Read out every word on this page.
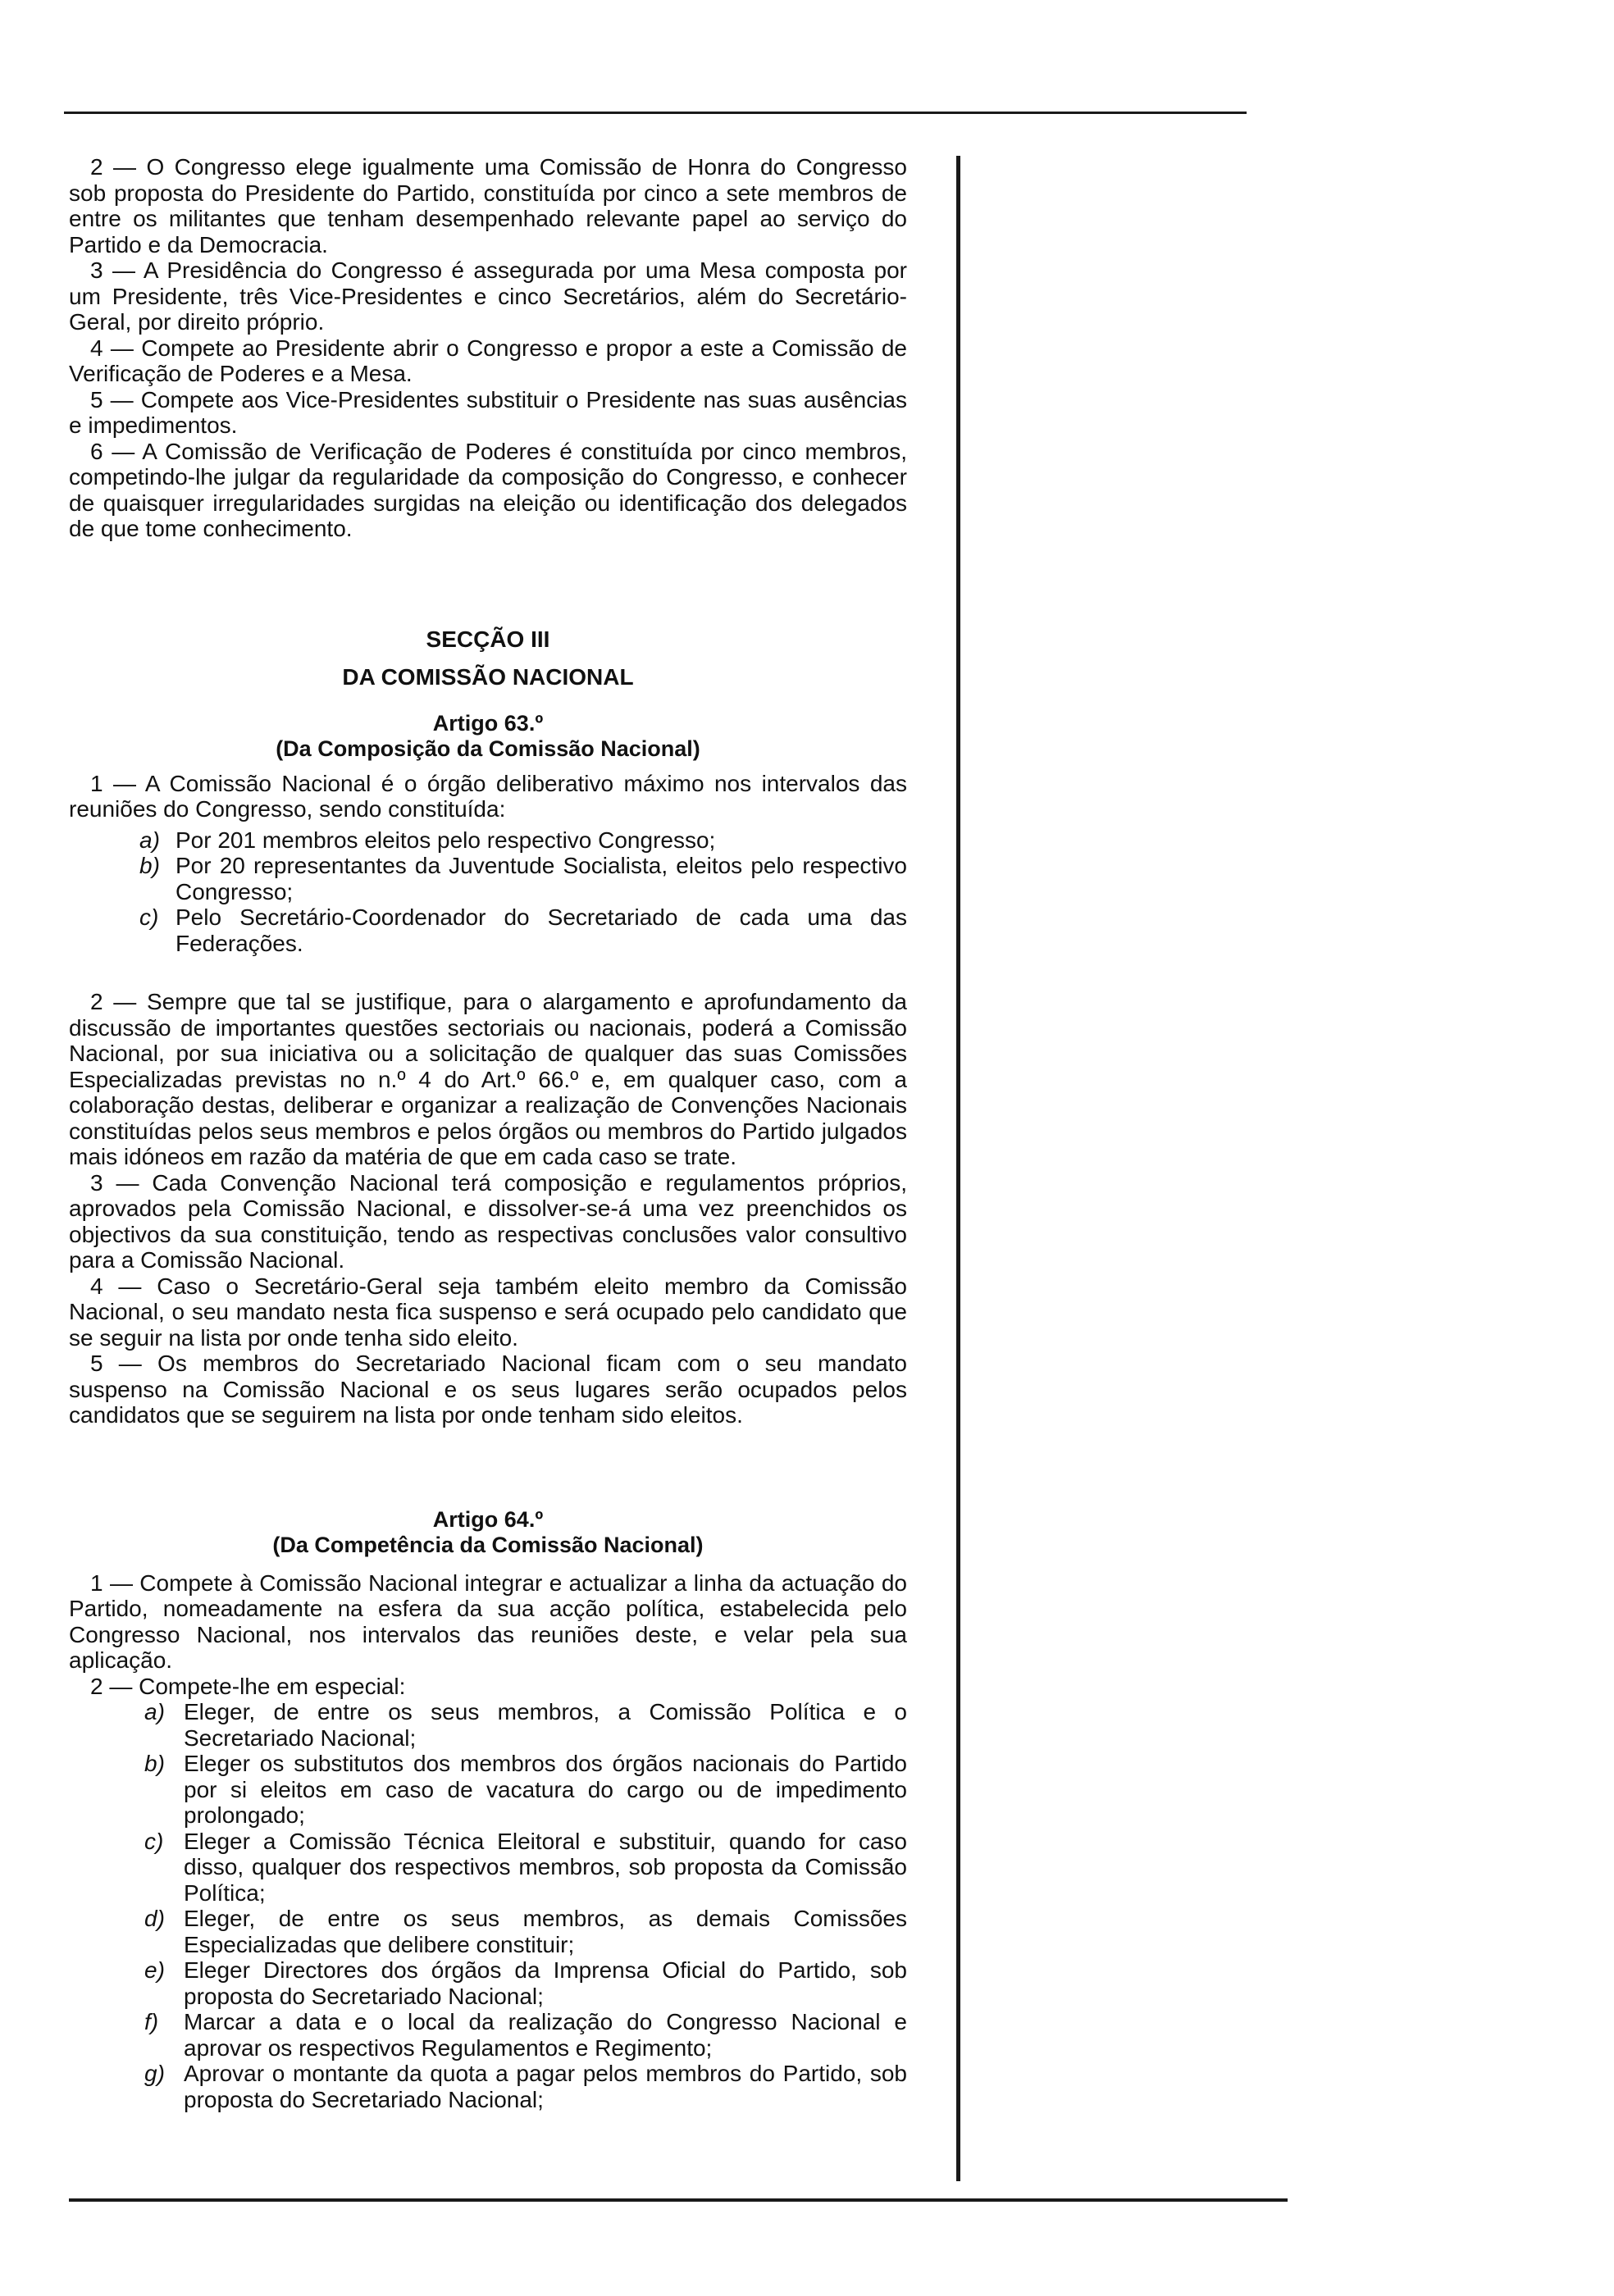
2 — O Congresso elege igualmente uma Comissão de Honra do Congresso sob proposta do Presidente do Partido, constituída por cinco a sete membros de entre os militantes que tenham desempenhado relevante papel ao serviço do Partido e da Democracia.

3 — A Presidência do Congresso é assegurada por uma Mesa composta por um Presidente, três Vice-Presidentes e cinco Secretários, além do Secretário-Geral, por direito próprio.

4 — Compete ao Presidente abrir o Congresso e propor a este a Comissão de Verificação de Poderes e a Mesa.

5 — Compete aos Vice-Presidentes substituir o Presidente nas suas ausências e impedimentos.

6 — A Comissão de Verificação de Poderes é constituída por cinco membros, competindo-lhe julgar da regularidade da composição do Congresso, e conhecer de quaisquer irregularidades surgidas na eleição ou identificação dos delegados de que tome conhecimento.

SECÇÃO III

DA COMISSÃO NACIONAL

Artigo 63.º

(Da Composição da Comissão Nacional)

1 — A Comissão Nacional é o órgão deliberativo máximo nos intervalos das reuniões do Congresso, sendo constituída:

a) Por 201 membros eleitos pelo respectivo Congresso;
b) Por 20 representantes da Juventude Socialista, eleitos pelo respectivo Congresso;
c) Pelo Secretário-Coordenador do Secretariado de cada uma das Federações.

2 — Sempre que tal se justifique, para o alargamento e aprofundamento da discussão de importantes questões sectoriais ou nacionais, poderá a Comissão Nacional, por sua iniciativa ou a solicitação de qualquer das suas Comissões Especializadas previstas no n.º 4 do Art.º 66.º e, em qualquer caso, com a colaboração destas, deliberar e organizar a realização de Convenções Nacionais constituídas pelos seus membros e pelos órgãos ou membros do Partido julgados mais idóneos em razão da matéria de que em cada caso se trate.

3 — Cada Convenção Nacional terá composição e regulamentos próprios, aprovados pela Comissão Nacional, e dissolver-se-á uma vez preenchidos os objectivos da sua constituição, tendo as respectivas conclusões valor consultivo para a Comissão Nacional.

4 — Caso o Secretário-Geral seja também eleito membro da Comissão Nacional, o seu mandato nesta fica suspenso e será ocupado pelo candidato que se seguir na lista por onde tenha sido eleito.

5 — Os membros do Secretariado Nacional ficam com o seu mandato suspenso na Comissão Nacional e os seus lugares serão ocupados pelos candidatos que se seguirem na lista por onde tenham sido eleitos.

Artigo 64.º

(Da Competência da Comissão Nacional)

1 — Compete à Comissão Nacional integrar e actualizar a linha da actuação do Partido, nomeadamente na esfera da sua acção política, estabelecida pelo Congresso Nacional, nos intervalos das reuniões deste, e velar pela sua aplicação.

2 — Compete-lhe em especial:

a) Eleger, de entre os seus membros, a Comissão Política e o Secretariado Nacional;
b) Eleger os substitutos dos membros dos órgãos nacionais do Partido por si eleitos em caso de vacatura do cargo ou de impedimento prolongado;
c) Eleger a Comissão Técnica Eleitoral e substituir, quando for caso disso, qualquer dos respectivos membros, sob proposta da Comissão Política;
d) Eleger, de entre os seus membros, as demais Comissões Especializadas que delibere constituir;
e) Eleger Directores dos órgãos da Imprensa Oficial do Partido, sob proposta do Secretariado Nacional;
f) Marcar a data e o local da realização do Congresso Nacional e aprovar os respectivos Regulamentos e Regimento;
g) Aprovar o montante da quota a pagar pelos membros do Partido, sob proposta do Secretariado Nacional;
